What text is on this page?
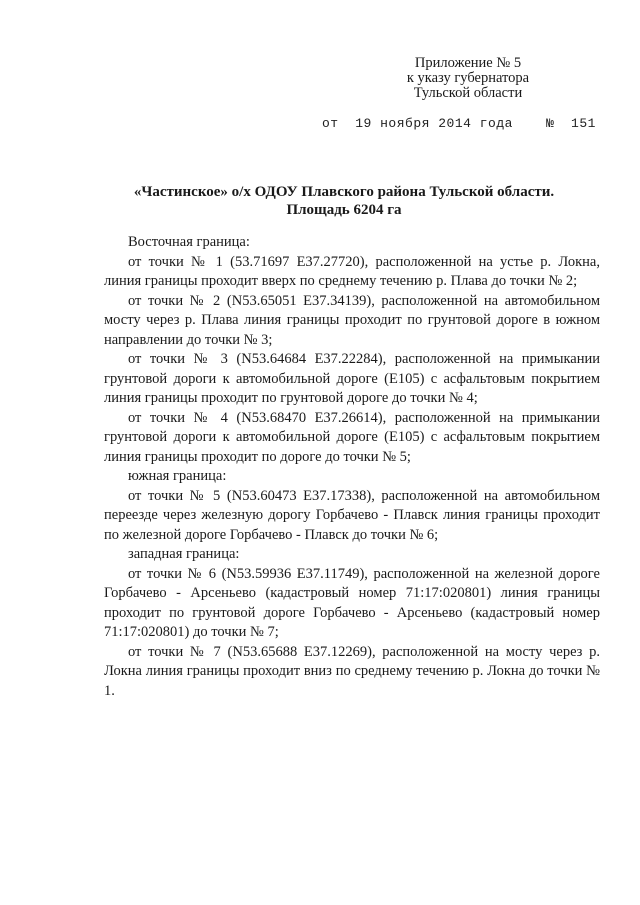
Приложение № 5
к указу губернатора
Тульской области
от  19 ноября 2014 года    №  151
«Частинское» о/х ОДОУ Плавского района Тульской области.
Площадь 6204 га

Восточная граница:

от точки № 1 (53.71697 E37.27720), расположенной на устье р. Локна, линия границы проходит вверх по среднему течению р. Плава до точки № 2;

от точки № 2 (N53.65051 E37.34139), расположенной на автомобильном мосту через р. Плава линия границы проходит по грунтовой дороге в южном направлении до точки № 3;

от точки № 3 (N53.64684 E37.22284), расположенной на примыкании грунтовой дороги к автомобильной дороге (E105) с асфальтовым покрытием линия границы проходит по грунтовой дороге до точки № 4;

от точки № 4 (N53.68470 E37.26614), расположенной на примыкании грунтовой дороги к автомобильной дороге (E105) с асфальтовым покрытием линия границы проходит по дороге до точки № 5;

южная граница:

от точки № 5 (N53.60473 E37.17338), расположенной на автомобильном переезде через железную дорогу Горбачево - Плавск линия границы проходит по железной дороге Горбачево - Плавск до точки № 6;

западная граница:

от точки № 6 (N53.59936 E37.11749), расположенной на железной дороге Горбачево - Арсеньево (кадастровый номер 71:17:020801) линия границы проходит по грунтовой дороге Горбачево - Арсеньево (кадастровый номер 71:17:020801) до точки № 7;

от точки № 7 (N53.65688 E37.12269), расположенной на мосту через р. Локна линия границы проходит вниз по среднему течению р. Локна до точки № 1.
